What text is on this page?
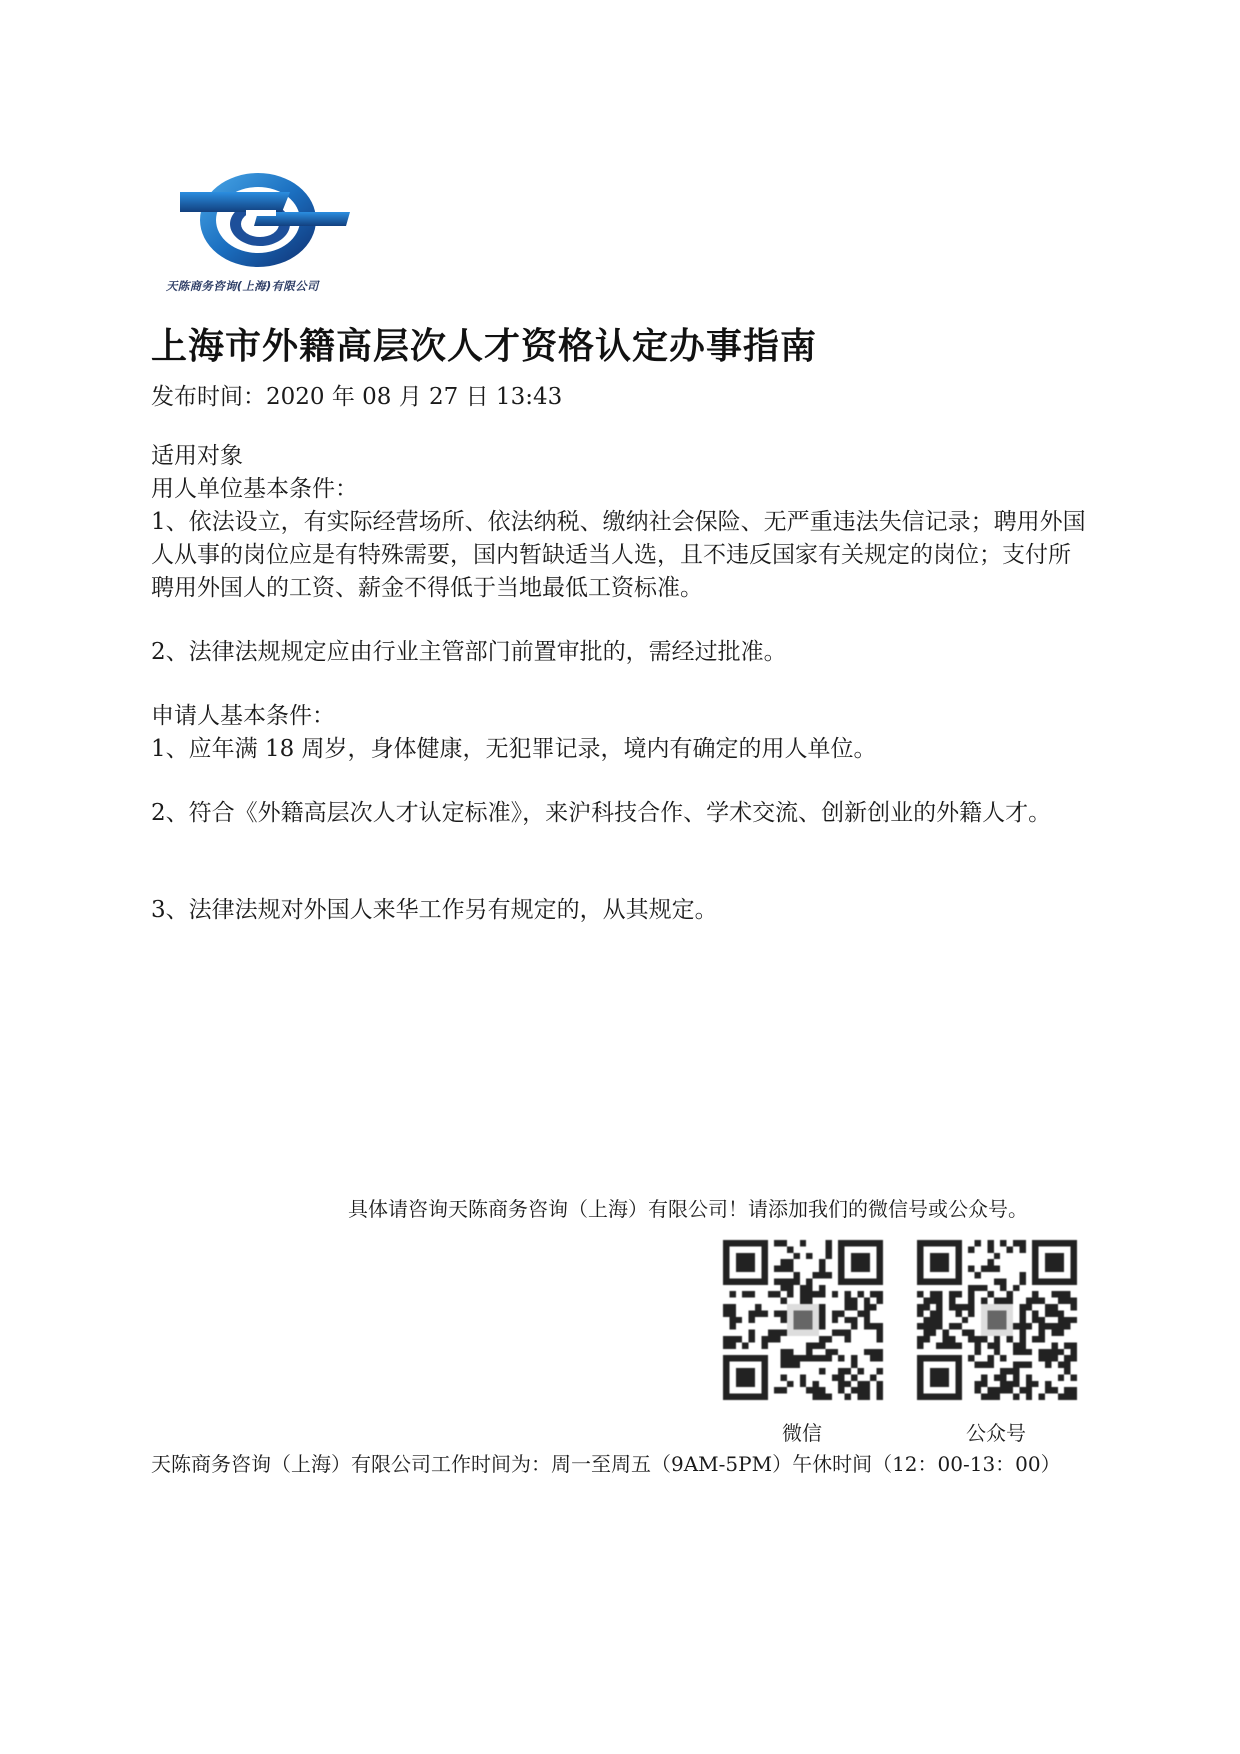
天陈商务咨询(上海)有限公司
上海市外籍高层次人才资格认定办事指南
发布时间：2020 年 08 月 27 日 13:43
适用对象
用人单位基本条件：
1、依法设立，有实际经营场所、依法纳税、缴纳社会保险、无严重违法失信记录；聘用外国人从事的岗位应是有特殊需要，国内暂缺适当人选，且不违反国家有关规定的岗位；支付所聘用外国人的工资、薪金不得低于当地最低工资标准。
2、法律法规规定应由行业主管部门前置审批的，需经过批准。
申请人基本条件：
1、应年满 18 周岁，身体健康，无犯罪记录，境内有确定的用人单位。
2、符合《外籍高层次人才认定标准》，来沪科技合作、学术交流、创新创业的外籍人才。
3、法律法规对外国人来华工作另有规定的，从其规定。
具体请咨询天陈商务咨询（上海）有限公司！请添加我们的微信号或公众号。
微信	公众号
天陈商务咨询（上海）有限公司工作时间为：周一至周五（9AM-5PM）午休时间（12：00-13：00）
